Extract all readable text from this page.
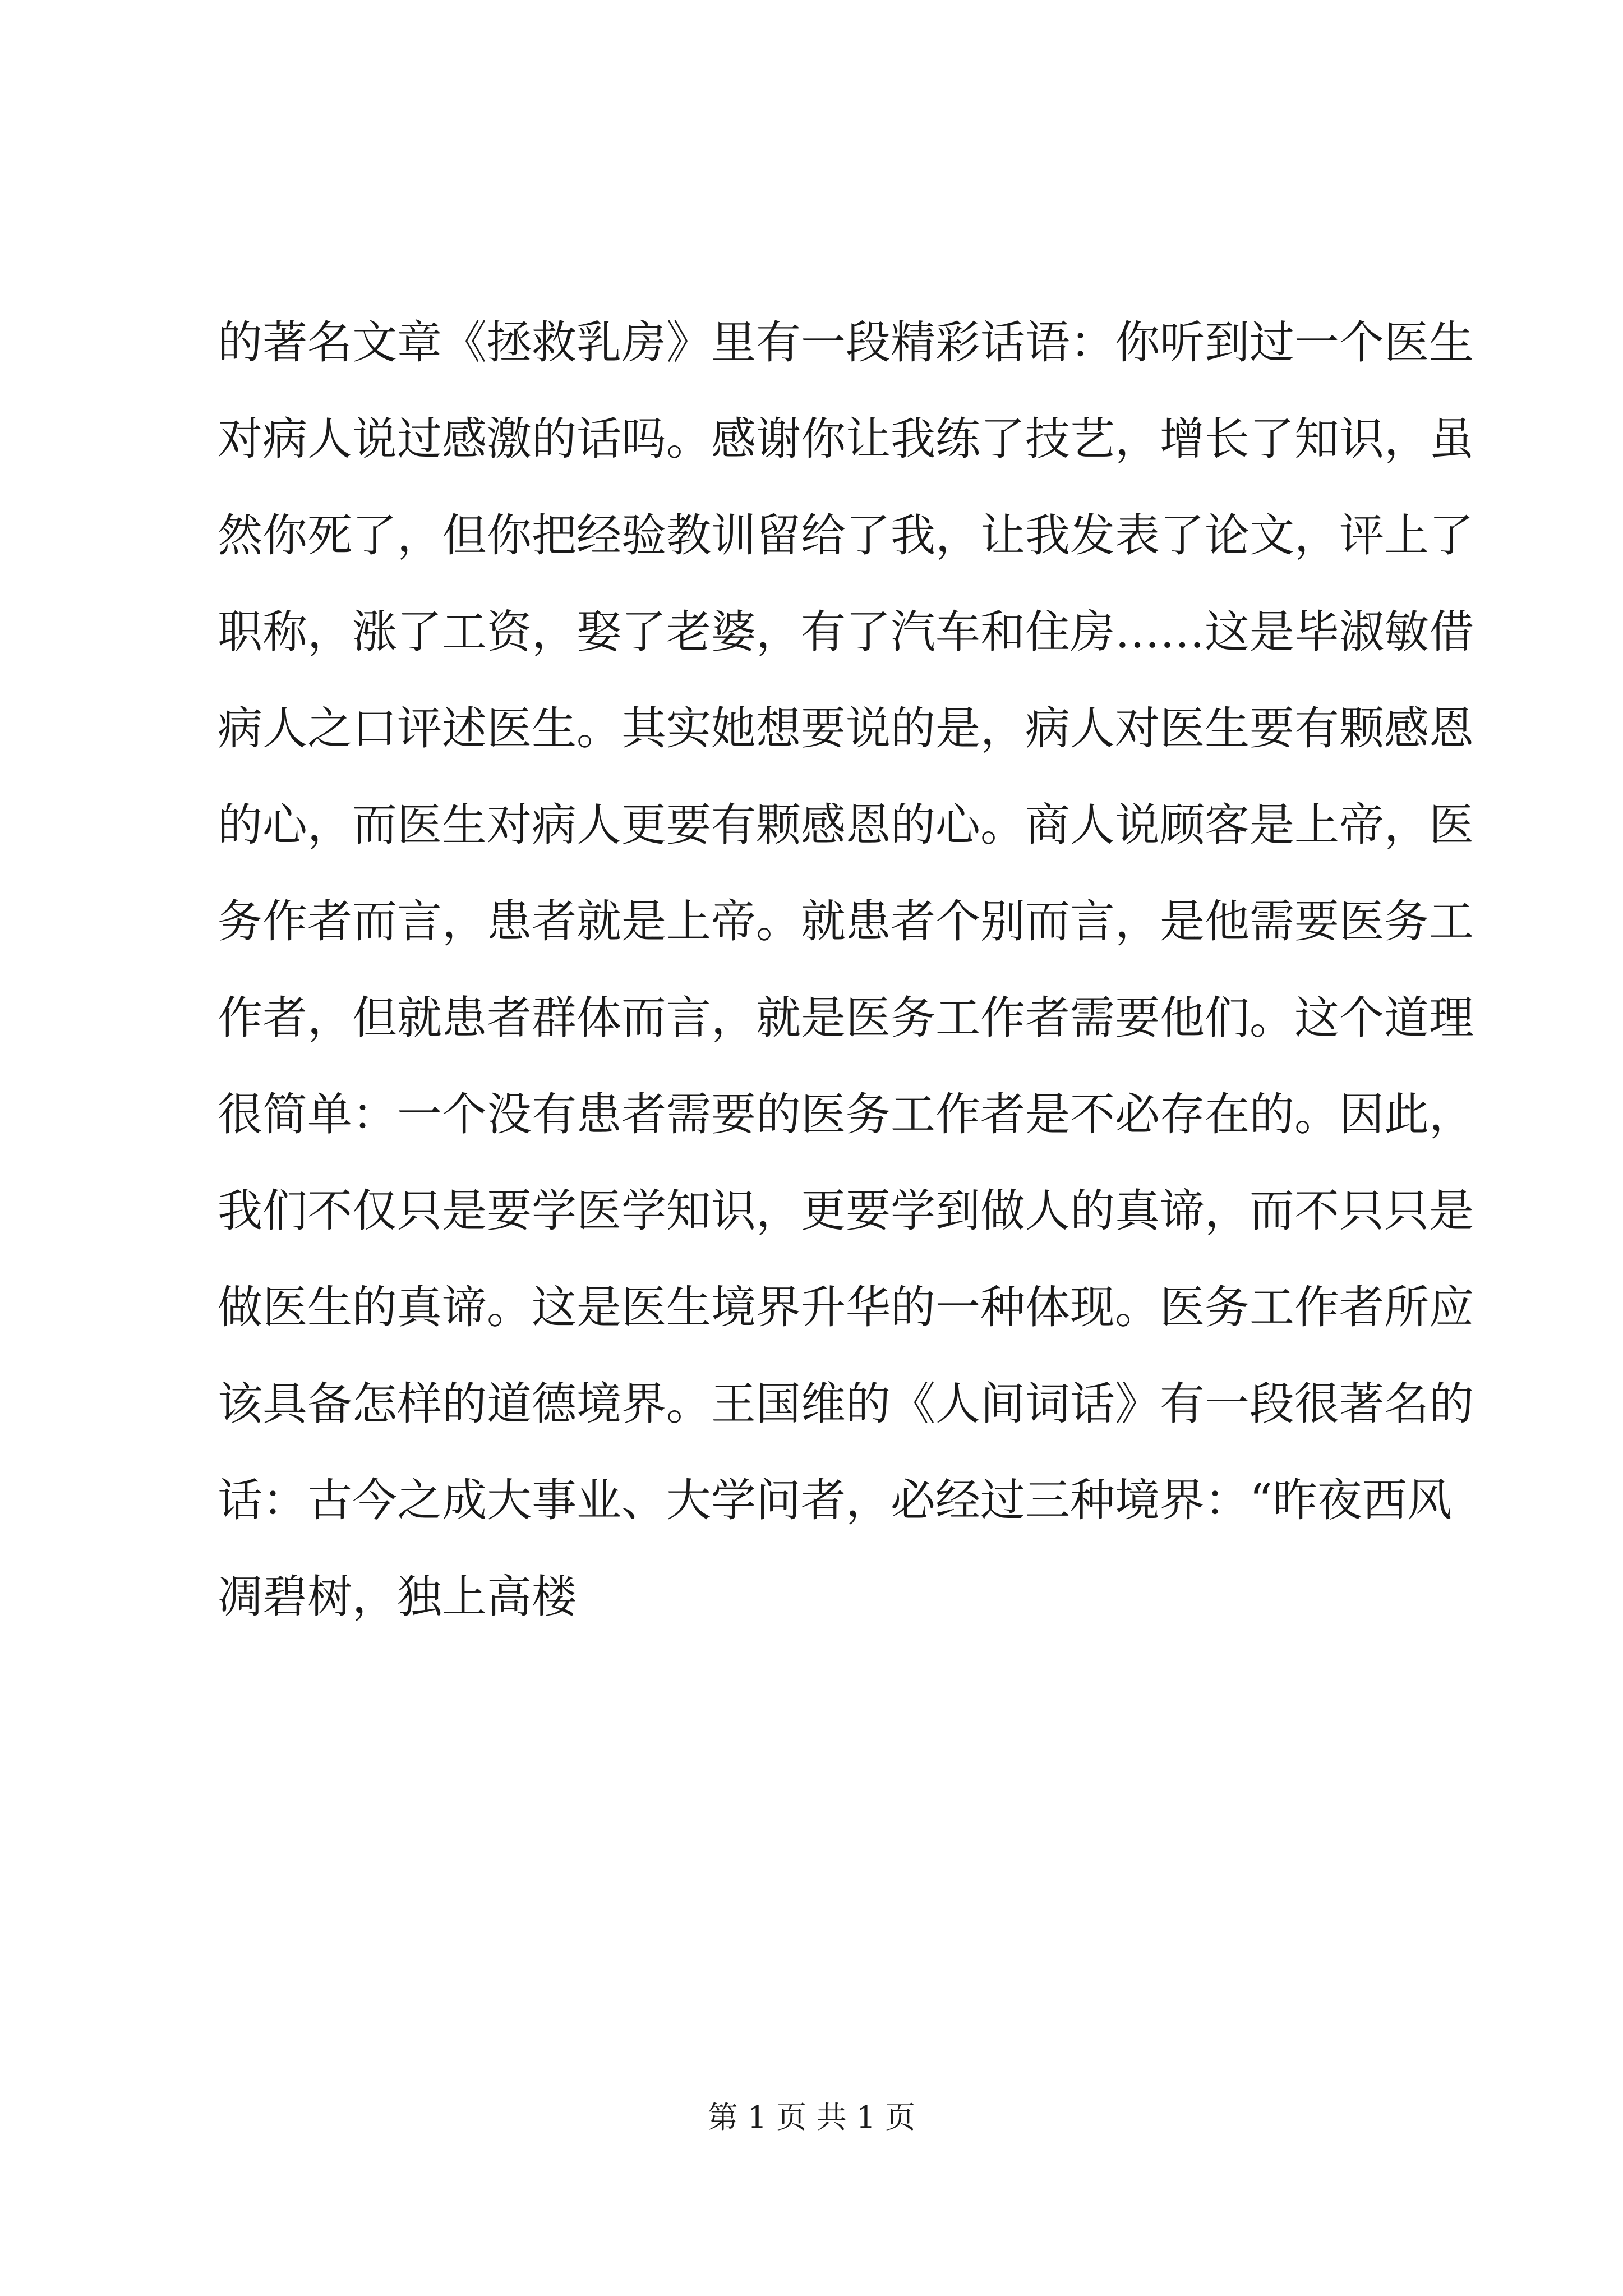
的著名文章《拯救乳房》里有一段精彩话语：你听到过一个医生
对病人说过感激的话吗。感谢你让我练了技艺，增长了知识，虽
然你死了，但你把经验教训留给了我，让我发表了论文，评上了
职称，涨了工资，娶了老婆，有了汽车和住房……这是毕淑敏借
病人之口评述医生。其实她想要说的是，病人对医生要有颗感恩
的心，而医生对病人更要有颗感恩的心。商人说顾客是上帝，医
务作者而言，患者就是上帝。就患者个别而言，是他需要医务工
作者，但就患者群体而言，就是医务工作者需要他们。这个道理
很简单：一个没有患者需要的医务工作者是不必存在的。因此，
我们不仅只是要学医学知识，更要学到做人的真谛，而不只只是
做医生的真谛。这是医生境界升华的一种体现。医务工作者所应
该具备怎样的道德境界。王国维的《人间词话》有一段很著名的
话：古今之成大事业、大学问者，必经过三种境界：“昨夜西风
凋碧树，独上高楼
第 1 页 共 1 页
